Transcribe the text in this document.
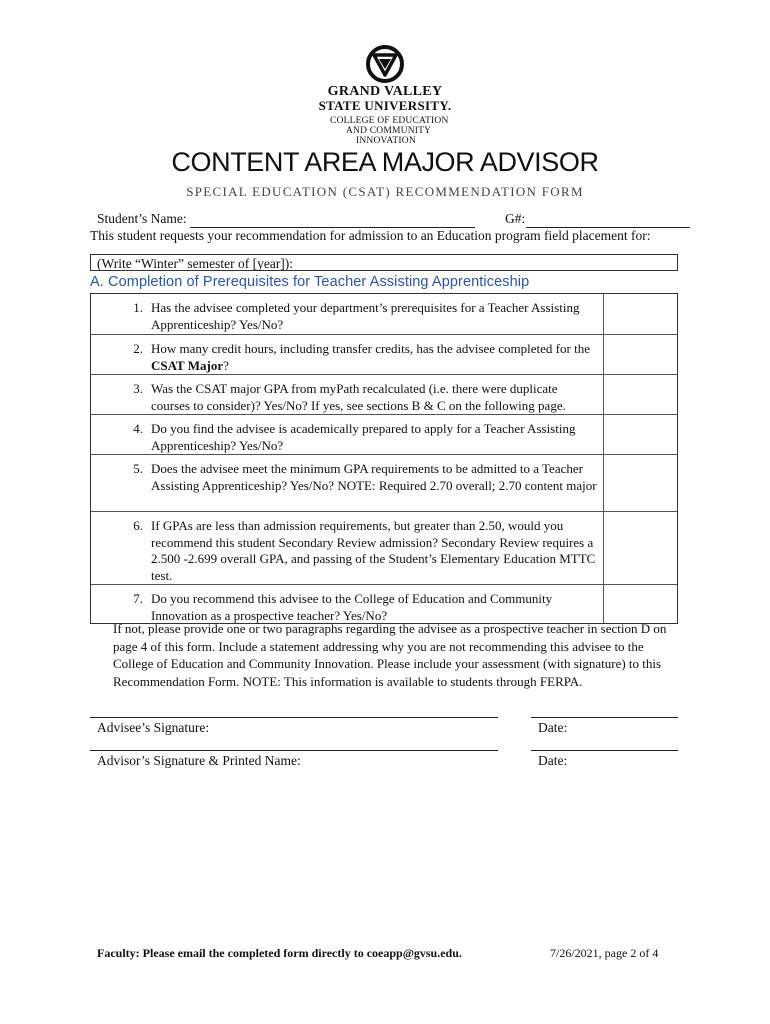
GRAND VALLEY
STATE UNIVERSITY.
COLLEGE OF EDUCATION
AND COMMUNITY
INNOVATION
CONTENT AREA MAJOR ADVISOR
SPECIAL EDUCATION (CSAT) RECOMMENDATION FORM
Student’s Name:	G#:
This student requests your recommendation for admission to an Education program field placement for:
(Write “Winter” semester of [year]):
A. Completion of Prerequisites for Teacher Assisting Apprenticeship
1. Has the advisee completed your department’s prerequisites for a Teacher Assisting Apprenticeship? Yes/No?
2. How many credit hours, including transfer credits, has the advisee completed for the CSAT Major?
3. Was the CSAT major GPA from myPath recalculated (i.e. there were duplicate courses to consider)? Yes/No? If yes, see sections B & C on the following page.
4. Do you find the advisee is academically prepared to apply for a Teacher Assisting Apprenticeship? Yes/No?
5. Does the advisee meet the minimum GPA requirements to be admitted to a Teacher Assisting Apprenticeship? Yes/No? NOTE: Required 2.70 overall; 2.70 content major
6. If GPAs are less than admission requirements, but greater than 2.50, would you recommend this student Secondary Review admission? Secondary Review requires a 2.500 -2.699 overall GPA, and passing of the Student’s Elementary Education MTTC test.
7. Do you recommend this advisee to the College of Education and Community Innovation as a prospective teacher? Yes/No?
If not, please provide one or two paragraphs regarding the advisee as a prospective teacher in section D on page 4 of this form. Include a statement addressing why you are not recommending this advisee to the College of Education and Community Innovation. Please include your assessment (with signature) to this Recommendation Form. NOTE: This information is available to students through FERPA.
Advisee’s Signature:	Date:
Advisor’s Signature & Printed Name:	Date:
Faculty: Please email the completed form directly to coeapp@gvsu.edu.	7/26/2021, page 2 of 4
